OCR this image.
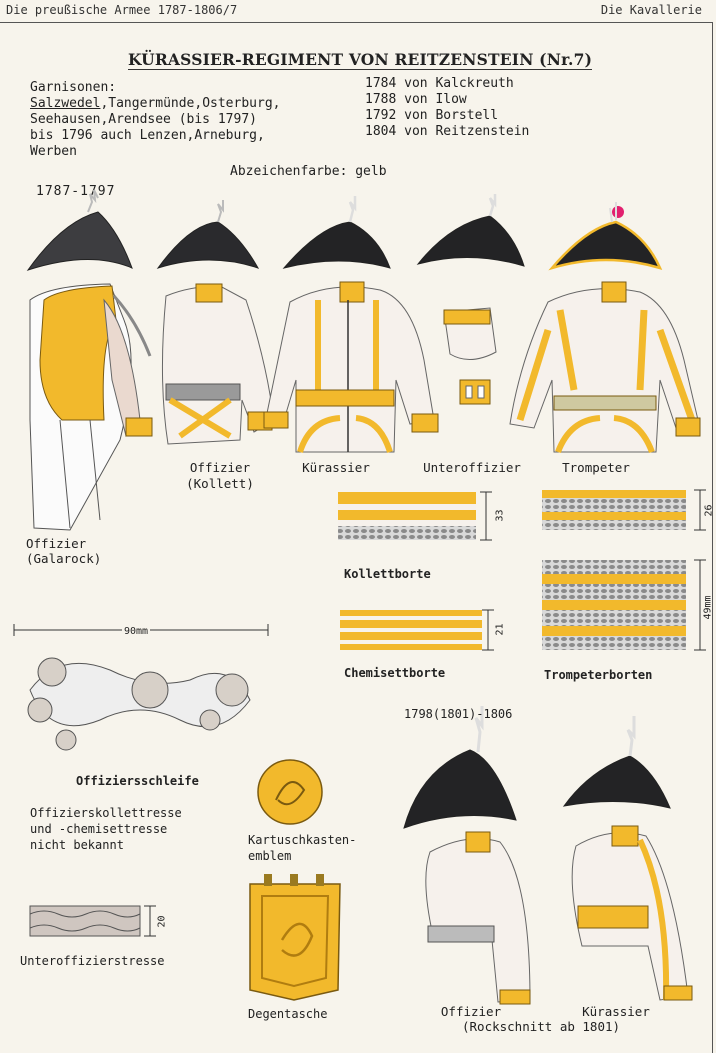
Die preußische Armee 1787-1806/7	Die Kavallerie
KÜRASSIER-REGIMENT VON REITZENSTEIN (Nr.7)
Garnisonen:
Salzwedel,Tangermünde,Osterburg,
Seehausen,Arendsee (bis 1797)
bis 1796 auch Lenzen,Arneburg,
Werben
1784 von Kalckreuth
1788 von Ilow
1792 von Borstell
1804 von Reitzenstein
Abzeichenfarbe: gelb
1787-1797
Offizier
(Kollett)
Kürassier	Unteroffizier	Trompeter
Offizier
(Galarock)
Kollettborte
33
Chemisettborte
21
Trompeterborten
26
49mm
90mm
Offiziersschleife
Offizierskollettresse
und -chemisettresse
nicht bekannt	Kartuschkasten-
emblem
Degentasche
Unteroffizierstresse
20
1798(1801)-1806
Offizier	Kürassier
(Rockschnitt ab 1801)
